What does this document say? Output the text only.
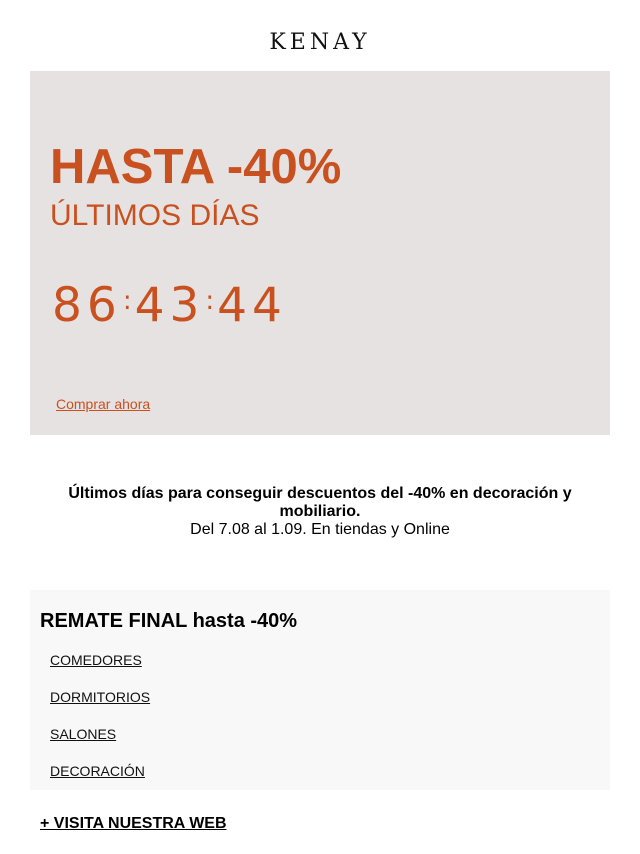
KENAY
HASTA -40%
ÚLTIMOS DÍAS
86 : 43 : 44
Comprar ahora
Últimos días para conseguir descuentos del -40% en decoración y mobiliario.
Del 7.08 al 1.09. En tiendas y Online
REMATE FINAL hasta -40%
COMEDORES
DORMITORIOS
SALONES
DECORACIÓN
+ VISITA NUESTRA WEB
